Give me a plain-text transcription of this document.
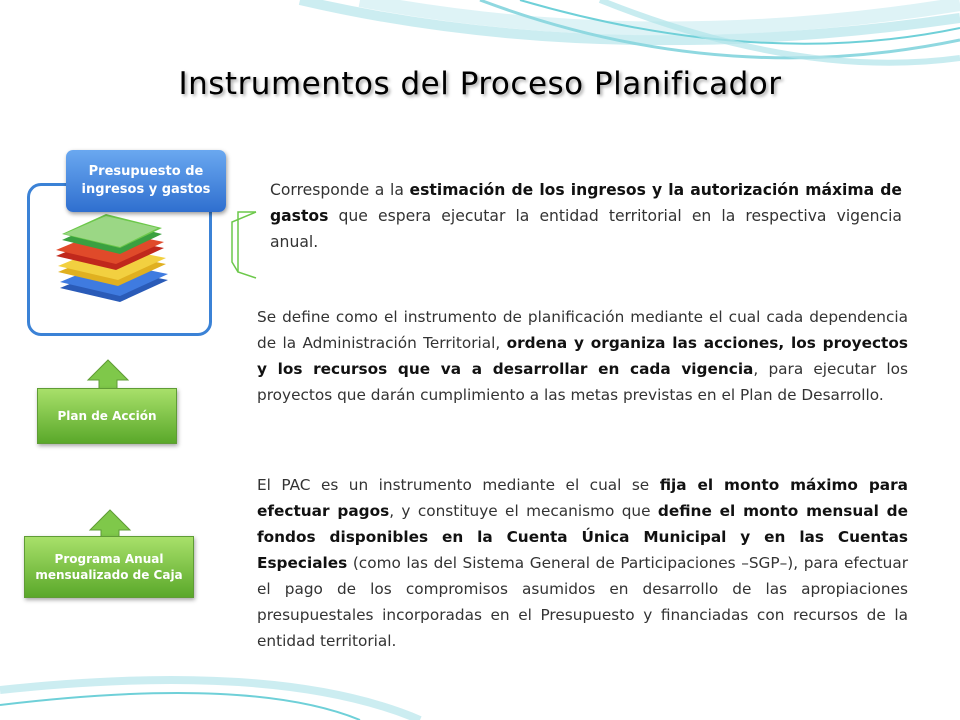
Instrumentos del Proceso Planificador
Presupuesto de ingresos y gastos
Plan de Acción
Programa Anual mensualizado de Caja
Corresponde a la estimación de los ingresos y la autorización máxima de gastos que espera ejecutar la entidad territorial en la respectiva vigencia anual.
Se define como el instrumento de planificación mediante el cual cada dependencia de la Administración Territorial, ordena y organiza las acciones, los proyectos y los recursos que va a desarrollar en cada vigencia, para ejecutar los proyectos que darán cumplimiento a las metas previstas en el Plan de Desarrollo.
El PAC es un instrumento mediante el cual se fija el monto máximo para efectuar pagos, y constituye el mecanismo que define el monto mensual de fondos disponibles en la Cuenta Única Municipal y en las Cuentas Especiales (como las del Sistema General de Participaciones –SGP–), para efectuar el pago de los compromisos asumidos en desarrollo de las apropiaciones presupuestales incorporadas en el Presupuesto y financiadas con recursos de la entidad territorial.
